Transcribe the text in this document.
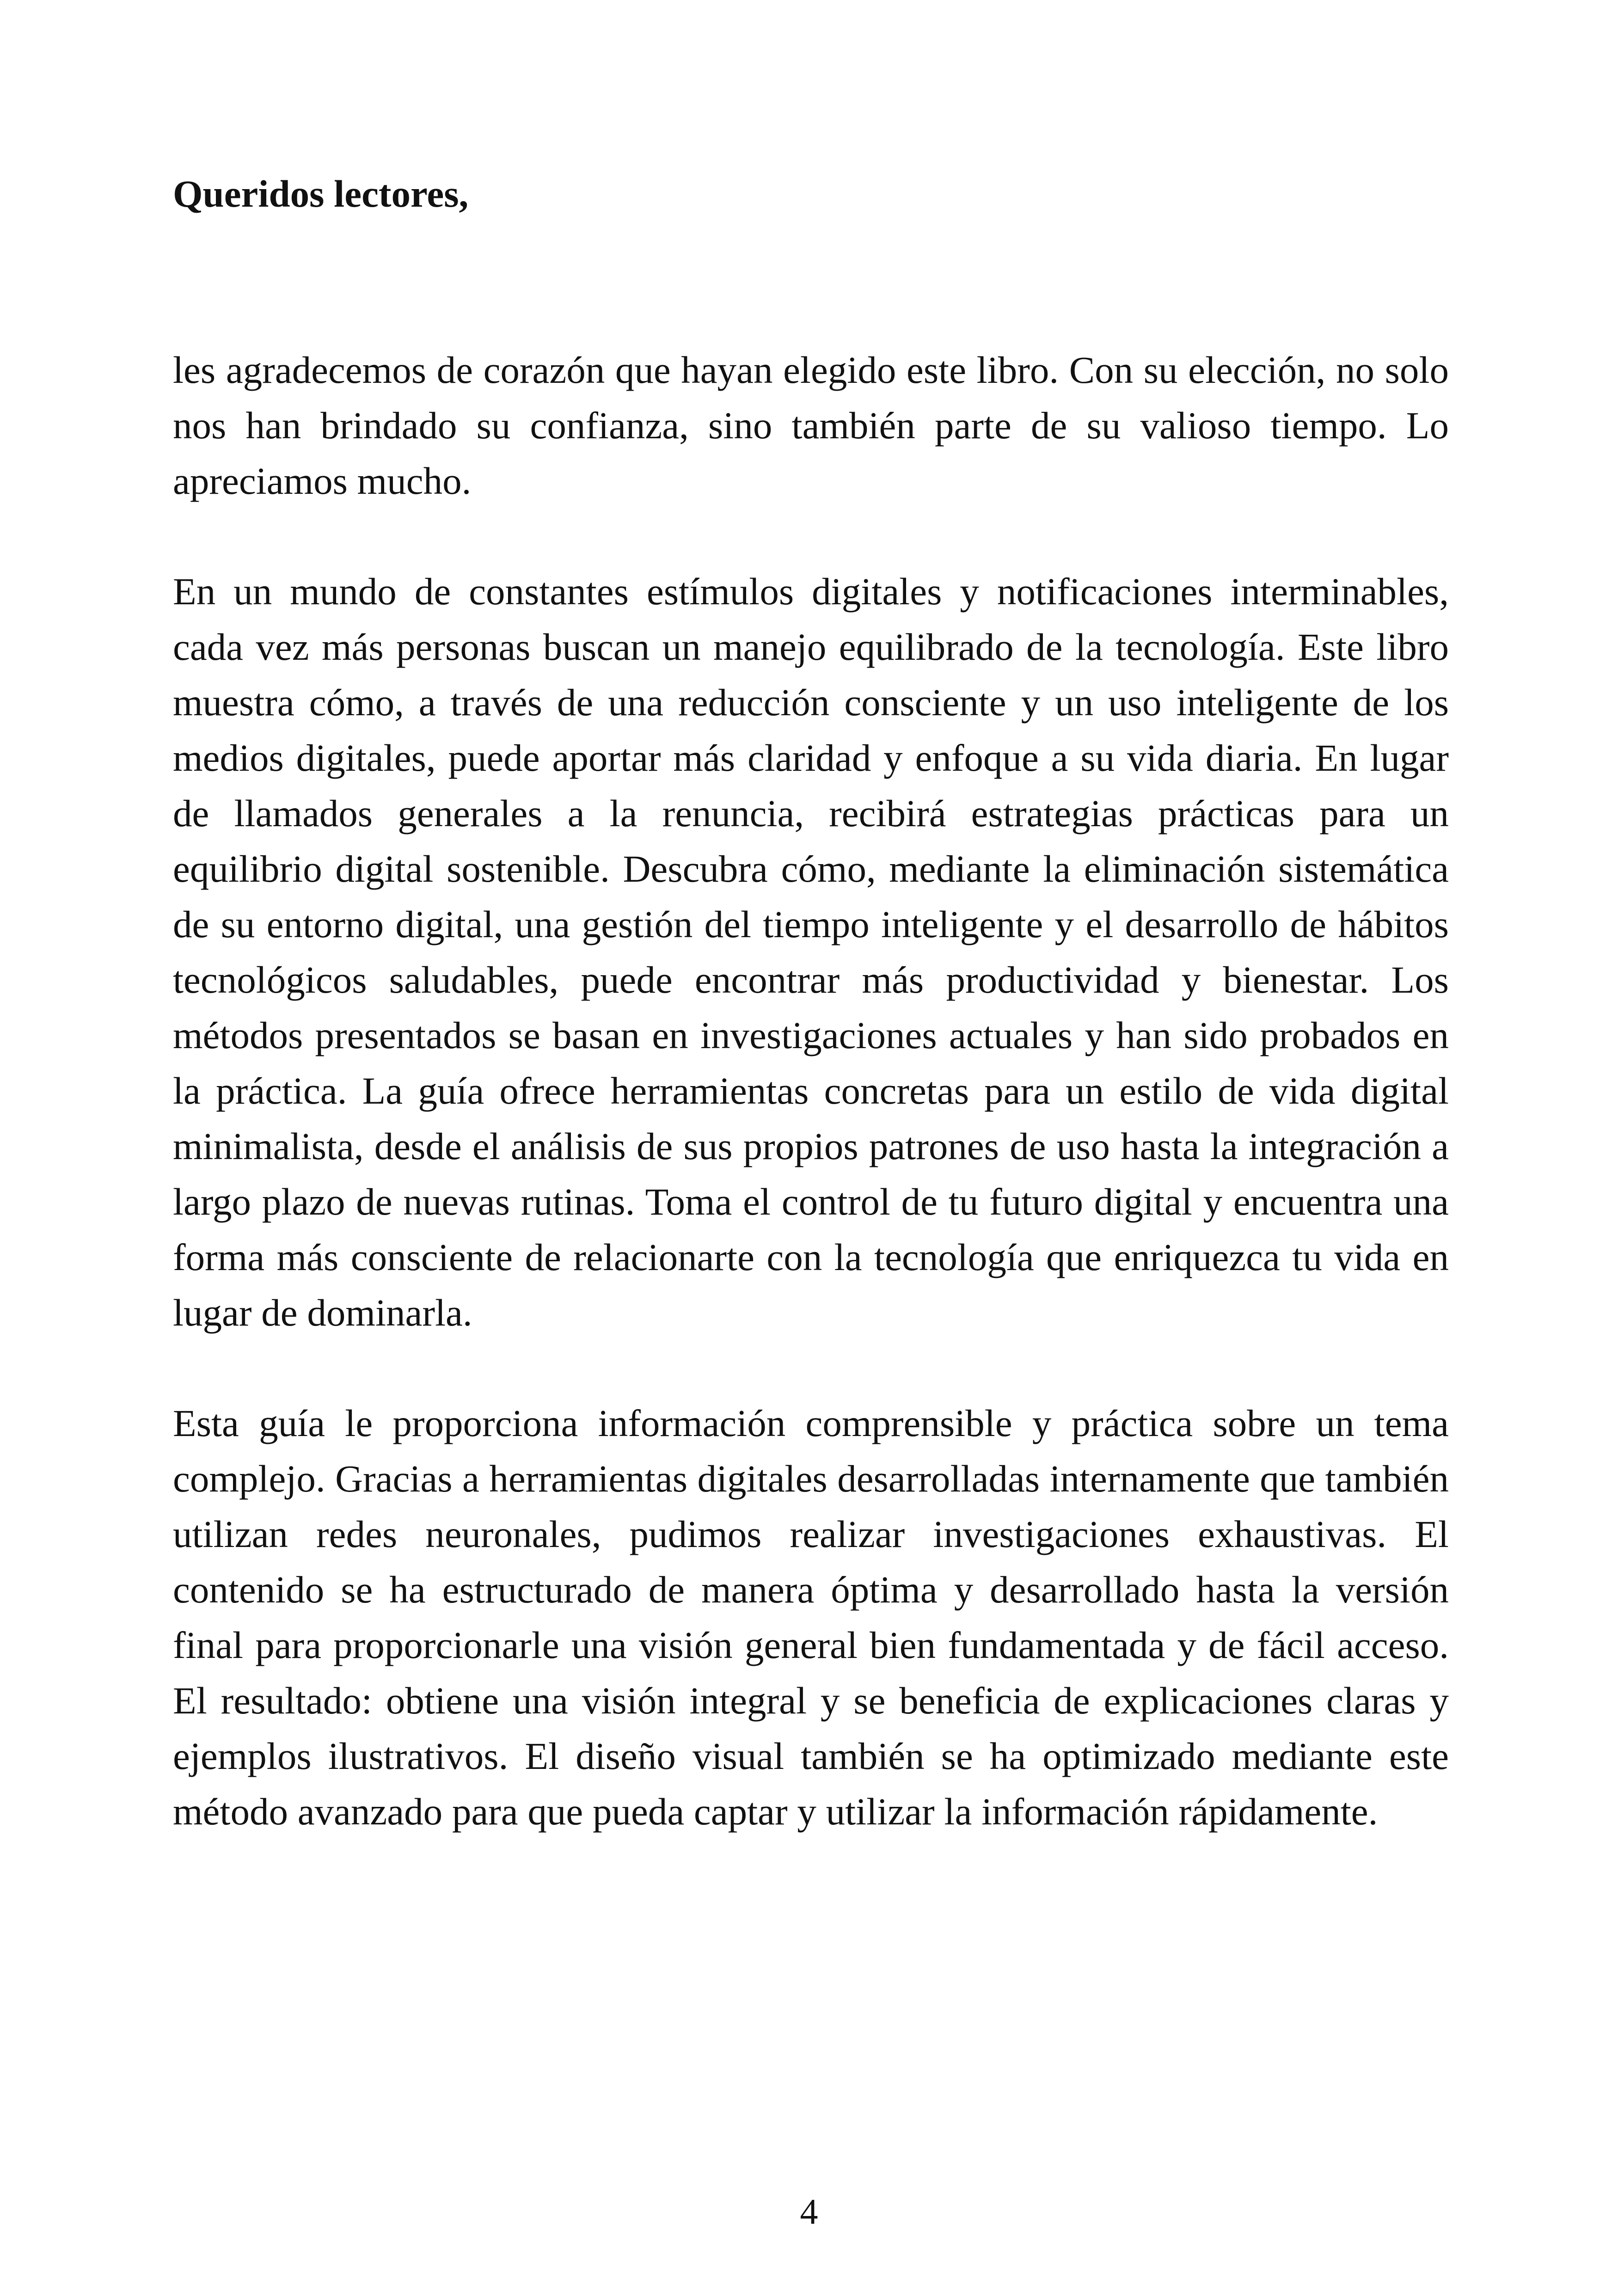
Queridos lectores,

les agradecemos de corazón que hayan elegido este libro. Con su elección, no solo nos han brindado su confianza, sino también parte de su valioso tiempo. Lo apreciamos mucho.

En un mundo de constantes estímulos digitales y notificaciones interminables, cada vez más personas buscan un manejo equilibrado de la tecnología. Este libro muestra cómo, a través de una reducción consciente y un uso inteligente de los medios digitales, puede aportar más claridad y enfoque a su vida diaria. En lugar de llamados generales a la renuncia, recibirá estrategias prácticas para un equilibrio digital sostenible. Descubra cómo, mediante la eliminación sistemática de su entorno digital, una gestión del tiempo inteligente y el desarrollo de hábitos tecnológicos saludables, puede encontrar más productividad y bienestar. Los métodos presentados se basan en investigaciones actuales y han sido probados en la práctica. La guía ofrece herramientas concretas para un estilo de vida digital minimalista, desde el análisis de sus propios patrones de uso hasta la integración a largo plazo de nuevas rutinas. Toma el control de tu futuro digital y encuentra una forma más consciente de relacionarte con la tecnología que enriquezca tu vida en lugar de dominarla.

Esta guía le proporciona información comprensible y práctica sobre un tema complejo. Gracias a herramientas digitales desarrolladas internamente que también utilizan redes neuronales, pudimos realizar investigaciones exhaustivas. El contenido se ha estructurado de manera óptima y desarrollado hasta la versión final para proporcionarle una visión general bien fundamentada y de fácil acceso. El resultado: obtiene una visión integral y se beneficia de explicaciones claras y ejemplos ilustrativos. El diseño visual también se ha optimizado mediante este método avanzado para que pueda captar y utilizar la información rápidamente.

4
